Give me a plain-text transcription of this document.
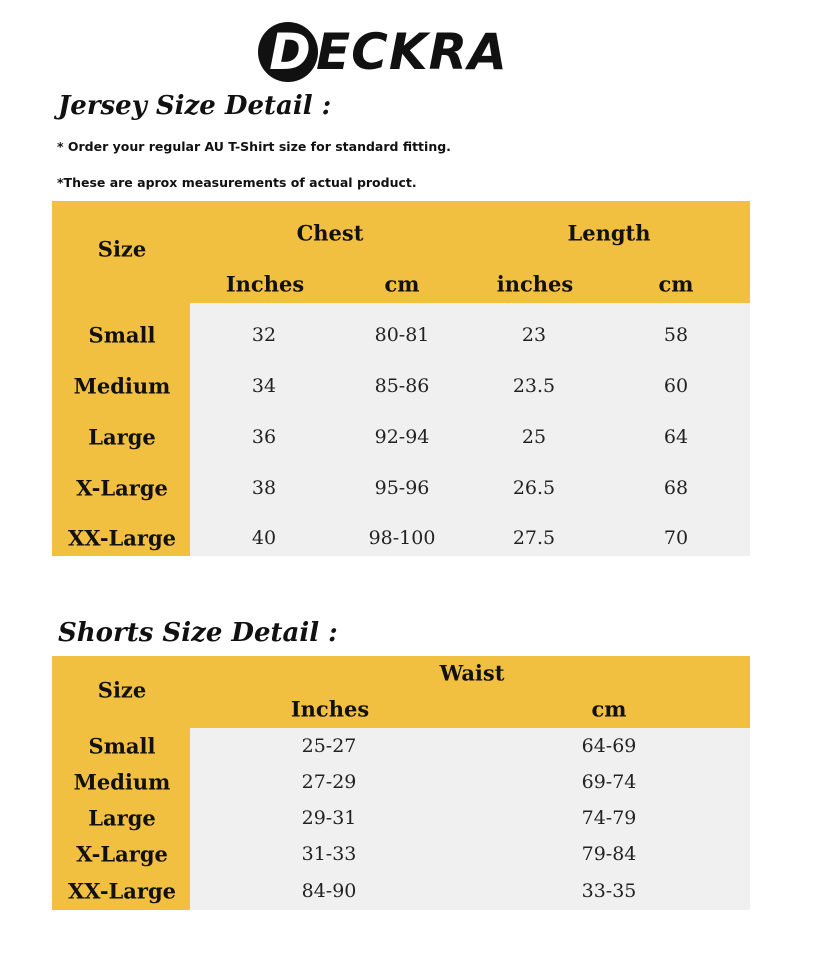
D ECKRA
Jersey Size Detail :
* Order your regular AU T-Shirt size for standard fitting.
*These are aprox measurements of actual product.
Size
Chest	Length
Inches	cm	inches	cm
Small	32	80-81	23	58
Medium	34	85-86	23.5	60
Large	36	92-94	25	64
X-Large	38	95-96	26.5	68
XX-Large	40	98-100	27.5	70
Shorts Size Detail :
Size
Waist
Inches	cm
Small	25-27	64-69
Medium	27-29	69-74
Large	29-31	74-79
X-Large	31-33	79-84
XX-Large	84-90	33-35
